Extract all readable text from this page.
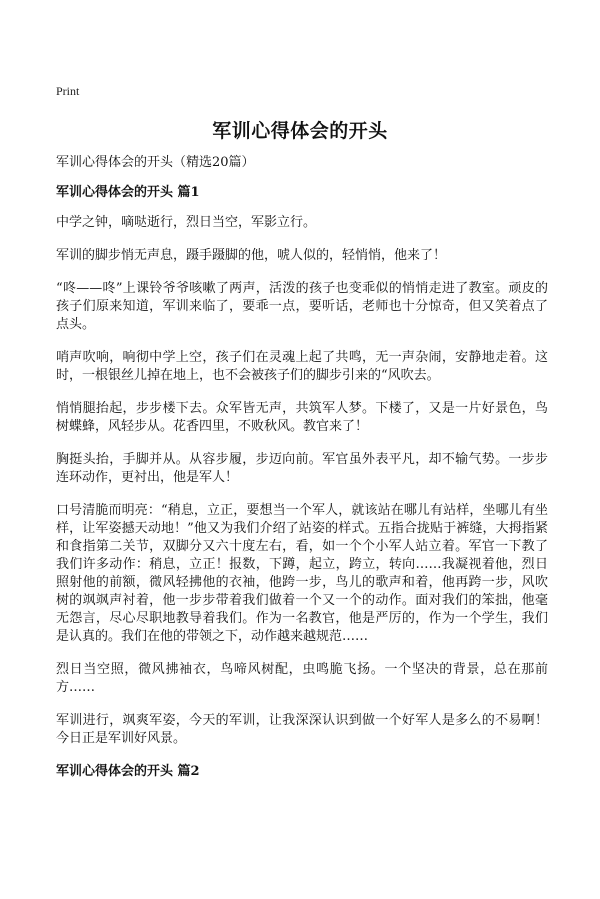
Print
军训心得体会的开头
军训心得体会的开头（精选20篇）
军训心得体会的开头 篇1

中学之钟，嘀哒逝行，烈日当空，军影立行。

军训的脚步悄无声息，蹑手蹑脚的他，唬人似的，轻悄悄，他来了！

“咚——咚”上课铃爷爷咳嗽了两声，活泼的孩子也变乖似的悄悄走进了教室。顽皮的孩子们原来知道，军训来临了，要乖一点，要听话，老师也十分惊奇，但又笑着点了点头。

哨声吹响，响彻中学上空，孩子们在灵魂上起了共鸣，无一声杂闹，安静地走着。这时，一根银丝儿掉在地上，也不会被孩子们的脚步引来的“风吹去。

悄悄腿抬起，步步楼下去。众军皆无声，共筑军人梦。下楼了，又是一片好景色，鸟树蝶蜂，风轻步从。花香四里，不败秋风。教官来了！

胸挺头抬，手脚并从。从容步履，步迈向前。军官虽外表平凡，却不输气势。一步步连环动作，更衬出，他是军人！

口号清脆而明亮：“稍息，立正，要想当一个军人，就该站在哪儿有站样，坐哪儿有坐样，让军姿撼天动地！”他又为我们介绍了站姿的样式。五指合拢贴于裤缝，大拇指紧和食指第二关节，双脚分又六十度左右，看，如一个个小军人站立着。军官一下教了我们许多动作：稍息，立正！报数，下蹲，起立，跨立，转向……我凝视着他，烈日照射他的前额，微风轻拂他的衣袖，他跨一步，鸟儿的歌声和着，他再跨一步，风吹树的飒飒声衬着，他一步步带着我们做着一个又一个的动作。面对我们的笨拙，他毫无怨言，尽心尽职地教导着我们。作为一名教官，他是严厉的，作为一个学生，我们是认真的。我们在他的带领之下，动作越来越规范……

烈日当空照，微风拂袖衣，鸟啼风树配，虫鸣脆飞扬。一个坚决的背景，总在那前方……

军训进行，飒爽军姿，今天的军训，让我深深认识到做一个好军人是多么的不易啊！今日正是军训好风景。

军训心得体会的开头 篇2
